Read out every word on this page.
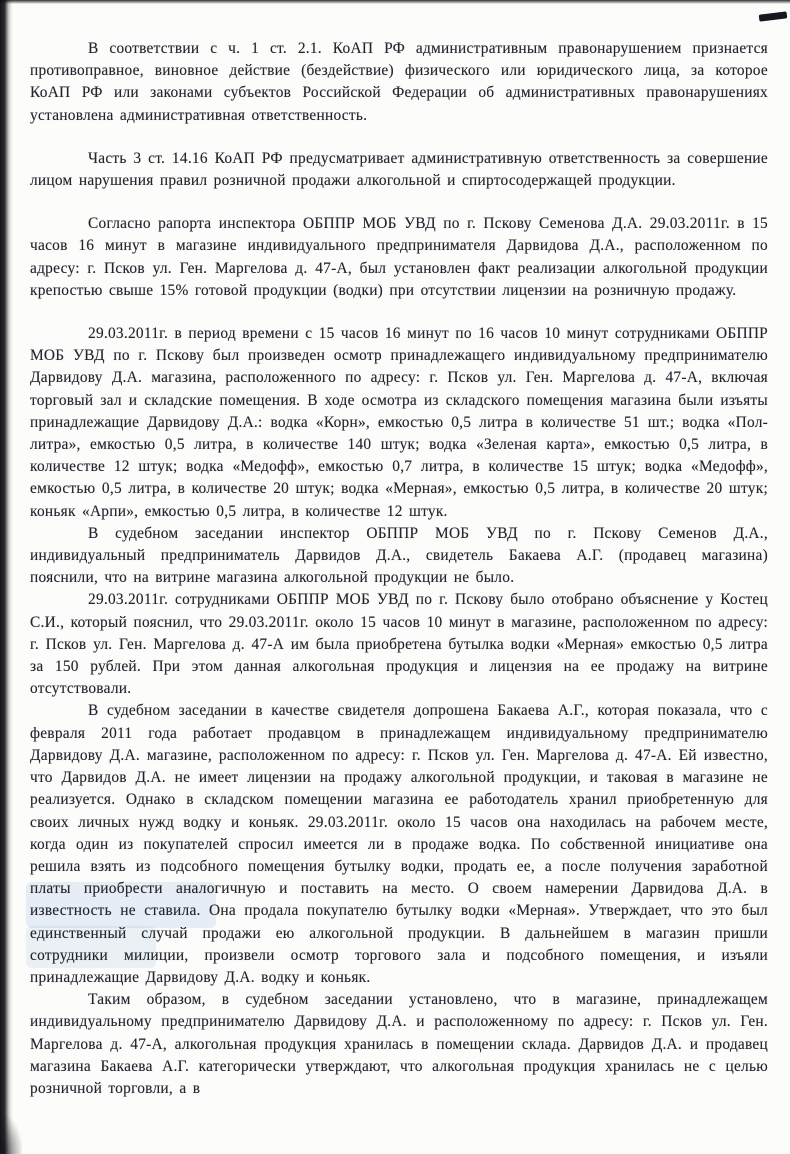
В соответствии с ч. 1 ст. 2.1. КоАП РФ административным правонарушением признается противоправное, виновное действие (бездействие) физического или юридического лица, за которое КоАП РФ или законами субъектов Российской Федерации об административных правонарушениях установлена административная ответственность.

Часть 3 ст. 14.16 КоАП РФ предусматривает административную ответственность за совершение лицом нарушения правил розничной продажи алкогольной и спиртосодержащей продукции.

Согласно рапорта инспектора ОБППР МОБ УВД по г. Пскову Семенова Д.А. 29.03.2011г. в 15 часов 16 минут в магазине индивидуального предпринимателя Дарвидова Д.А., расположенном по адресу: г. Псков ул. Ген. Маргелова д. 47-А, был установлен факт реализации алкогольной продукции крепостью свыше 15% готовой продукции (водки) при отсутствии лицензии на розничную продажу.

29.03.2011г. в период времени с 15 часов 16 минут по 16 часов 10 минут сотрудниками ОБППР МОБ УВД по г. Пскову был произведен осмотр принадлежащего индивидуальному предпринимателю Дарвидову Д.А. магазина, расположенного по адресу: г. Псков ул. Ген. Маргелова д. 47-А, включая торговый зал и складские помещения. В ходе осмотра из складского помещения магазина были изъяты принадлежащие Дарвидову Д.А.: водка «Корн», емкостью 0,5 литра в количестве 51 шт.; водка «Пол-литра», емкостью 0,5 литра, в количестве 140 штук; водка «Зеленая карта», емкостью 0,5 литра, в количестве 12 штук; водка «Медофф», емкостью 0,7 литра, в количестве 15 штук; водка «Медофф», емкостью 0,5 литра, в количестве 20 штук; водка «Мерная», емкостью 0,5 литра, в количестве 20 штук; коньяк «Арпи», емкостью 0,5 литра, в количестве 12 штук.

В судебном заседании инспектор ОБППР МОБ УВД по г. Пскову Семенов Д.А., индивидуальный предприниматель Дарвидов Д.А., свидетель Бакаева А.Г. (продавец магазина) пояснили, что на витрине магазина алкогольной продукции не было.

29.03.2011г. сотрудниками ОБППР МОБ УВД по г. Пскову было отобрано объяснение у Костец С.И., который пояснил, что 29.03.2011г. около 15 часов 10 минут в магазине, расположенном по адресу: г. Псков ул. Ген. Маргелова д. 47-А им была приобретена бутылка водки «Мерная» емкостью 0,5 литра за 150 рублей. При этом данная алкогольная продукция и лицензия на ее продажу на витрине отсутствовали.

В судебном заседании в качестве свидетеля допрошена Бакаева А.Г., которая показала, что с февраля 2011 года работает продавцом в принадлежащем индивидуальному предпринимателю Дарвидову Д.А. магазине, расположенном по адресу: г. Псков ул. Ген. Маргелова д. 47-А. Ей известно, что Дарвидов Д.А. не имеет лицензии на продажу алкогольной продукции, и таковая в магазине не реализуется. Однако в складском помещении магазина ее работодатель хранил приобретенную для своих личных нужд водку и коньяк. 29.03.2011г. около 15 часов она находилась на рабочем месте, когда один из покупателей спросил имеется ли в продаже водка. По собственной инициативе она решила взять из подсобного помещения бутылку водки, продать ее, а после получения заработной платы приобрести аналогичную и поставить на место. О своем намерении Дарвидова Д.А. в известность не ставила. Она продала покупателю бутылку водки «Мерная». Утверждает, что это был единственный случай продажи ею алкогольной продукции. В дальнейшем в магазин пришли сотрудники милиции, произвели осмотр торгового зала и подсобного помещения, и изъяли принадлежащие Дарвидову Д.А. водку и коньяк.

Таким образом, в судебном заседании установлено, что в магазине, принадлежащем индивидуальному предпринимателю Дарвидову Д.А. и расположенному по адресу: г. Псков ул. Ген. Маргелова д. 47-А, алкогольная продукция хранилась в помещении склада. Дарвидов Д.А. и продавец магазина Бакаева А.Г. категорически утверждают, что алкогольная продукция хранилась не с целью розничной торговли, а в
